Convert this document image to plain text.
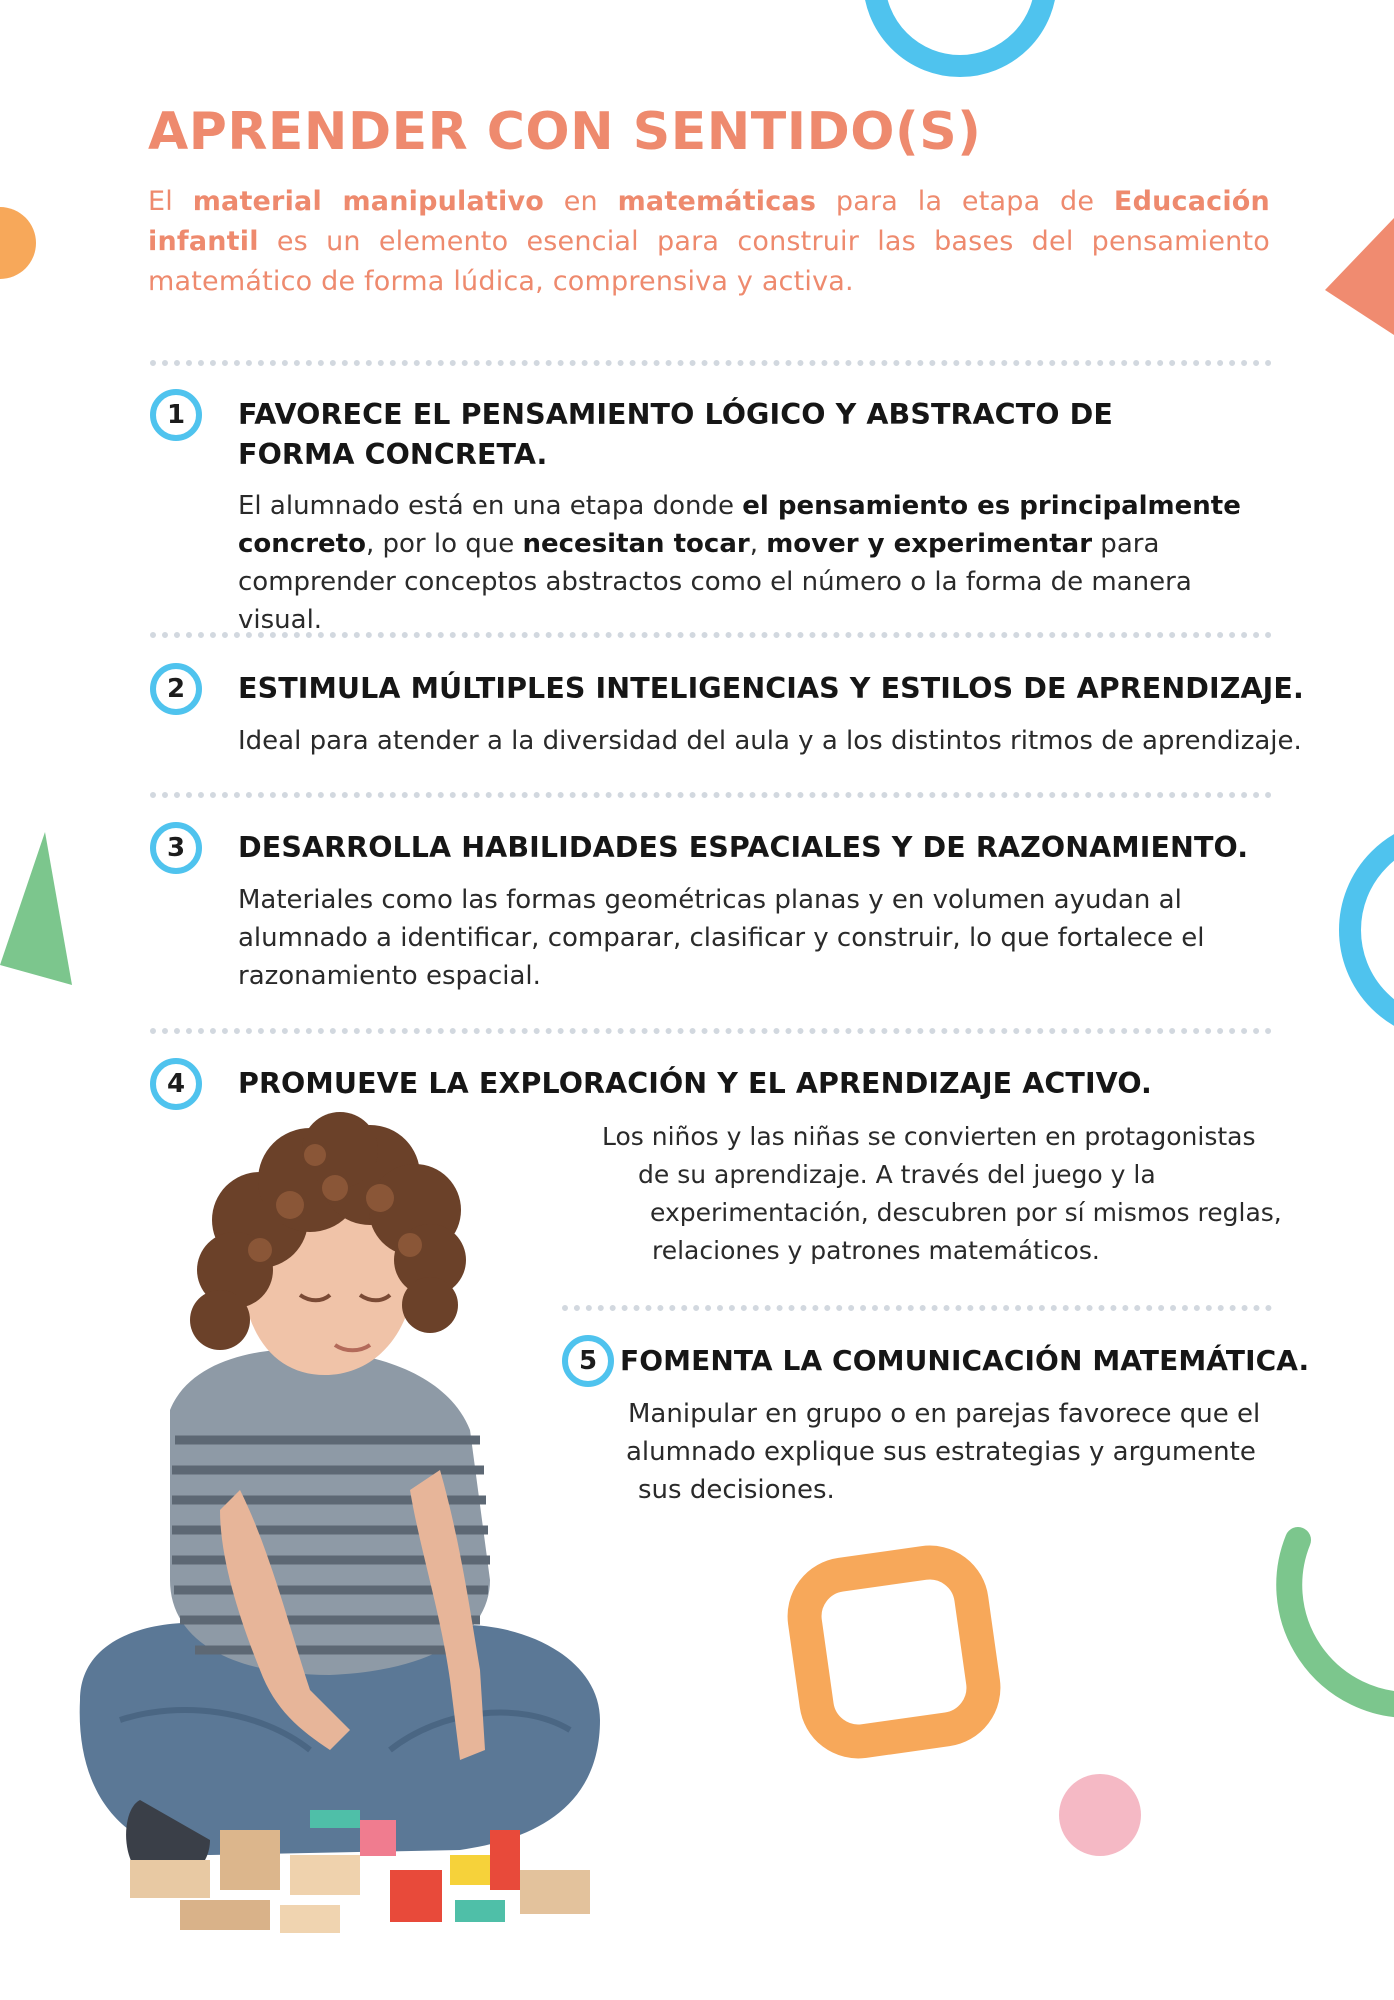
APRENDER CON SENTIDO(S)

El material manipulativo en matemáticas para la etapa de Educación infantil es un elemento esencial para construir las bases del pensamiento matemático de forma lúdica, comprensiva y activa.

1 FAVORECE EL PENSAMIENTO LÓGICO Y ABSTRACTO DE FORMA CONCRETA.

El alumnado está en una etapa donde el pensamiento es principalmente concreto, por lo que necesitan tocar, mover y experimentar para comprender conceptos abstractos como el número o la forma de manera visual.

2 ESTIMULA MÚLTIPLES INTELIGENCIAS Y ESTILOS DE APRENDIZAJE.

Ideal para atender a la diversidad del aula y a los distintos ritmos de aprendizaje.

3 DESARROLLA HABILIDADES ESPACIALES Y DE RAZONAMIENTO.

Materiales como las formas geométricas planas y en volumen ayudan al alumnado a identificar, comparar, clasificar y construir, lo que fortalece el razonamiento espacial.

4 PROMUEVE LA EXPLORACIÓN Y EL APRENDIZAJE ACTIVO.

Los niños y las niñas se convierten en protagonistas

de su aprendizaje. A través del juego y la

experimentación, descubren por sí mismos reglas,

relaciones y patrones matemáticos.

5 FOMENTA LA COMUNICACIÓN MATEMÁTICA.

Manipular en grupo o en parejas favorece que el

alumnado explique sus estrategias y argumente

sus decisiones.
